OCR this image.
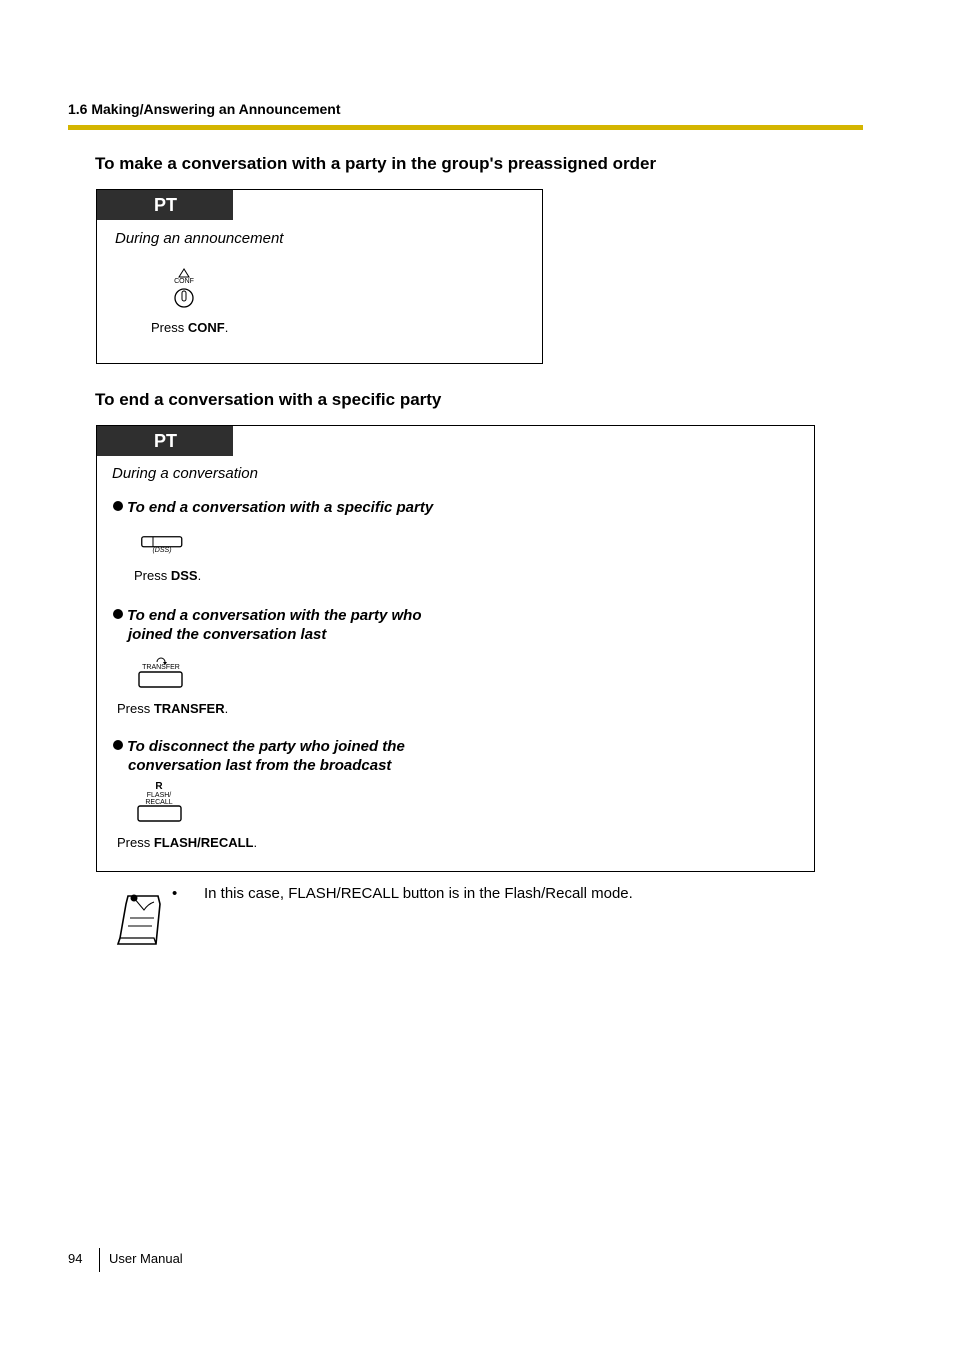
1.6 Making/Answering an Announcement
To make a conversation with a party in the group's preassigned order
PT
During an announcement
CONF
Press CONF.
To end a conversation with a specific party
PT
During a conversation
To end a conversation with a specific party
(DSS)
Press DSS.
To end a conversation with the party who
joined the conversation last
TRANSFER
Press TRANSFER.
To disconnect the party who joined the
conversation last from the broadcast
R
FLASH/
RECALL
Press FLASH/RECALL.
• In this case, FLASH/RECALL button is in the Flash/Recall mode.
94 User Manual
